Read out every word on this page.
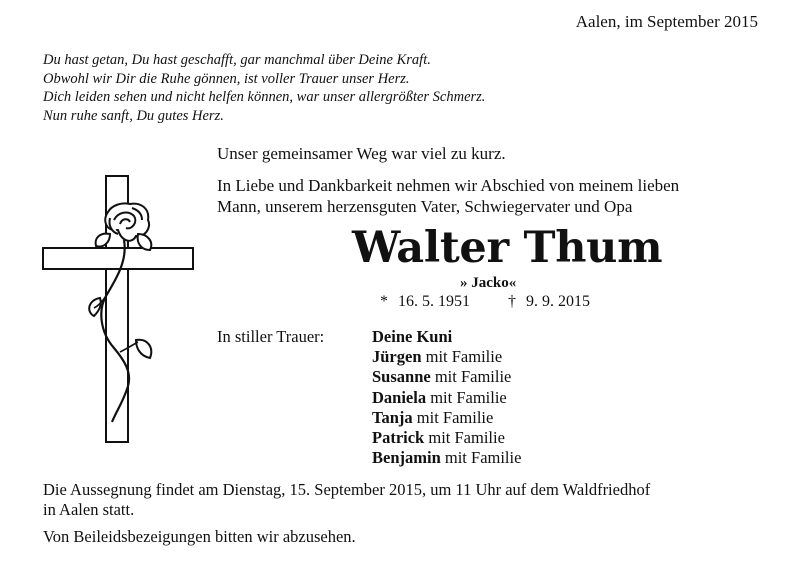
Aalen, im September 2015
Du hast getan, Du hast geschafft, gar manchmal über Deine Kraft.
Obwohl wir Dir die Ruhe gönnen, ist voller Trauer unser Herz.
Dich leiden sehen und nicht helfen können, war unser allergrößter Schmerz.
Nun ruhe sanft, Du gutes Herz.

Unser gemeinsamer Weg war viel zu kurz.

In Liebe und Dankbarkeit nehmen wir Abschied von meinem lieben
Mann, unserem herzensguten Vater, Schwiegervater und Opa

Walter Thum
» Jacko«
* 16. 5. 1951 † 9. 9. 2015
In stiller Trauer:	Deine Kuni
Jürgen mit Familie
Susanne mit Familie
Daniela mit Familie
Tanja mit Familie
Patrick mit Familie
Benjamin mit Familie

Die Aussegnung findet am Dienstag, 15. September 2015, um 11 Uhr auf dem Waldfriedhof

in Aalen statt.

Von Beileidsbezeigungen bitten wir abzusehen.
